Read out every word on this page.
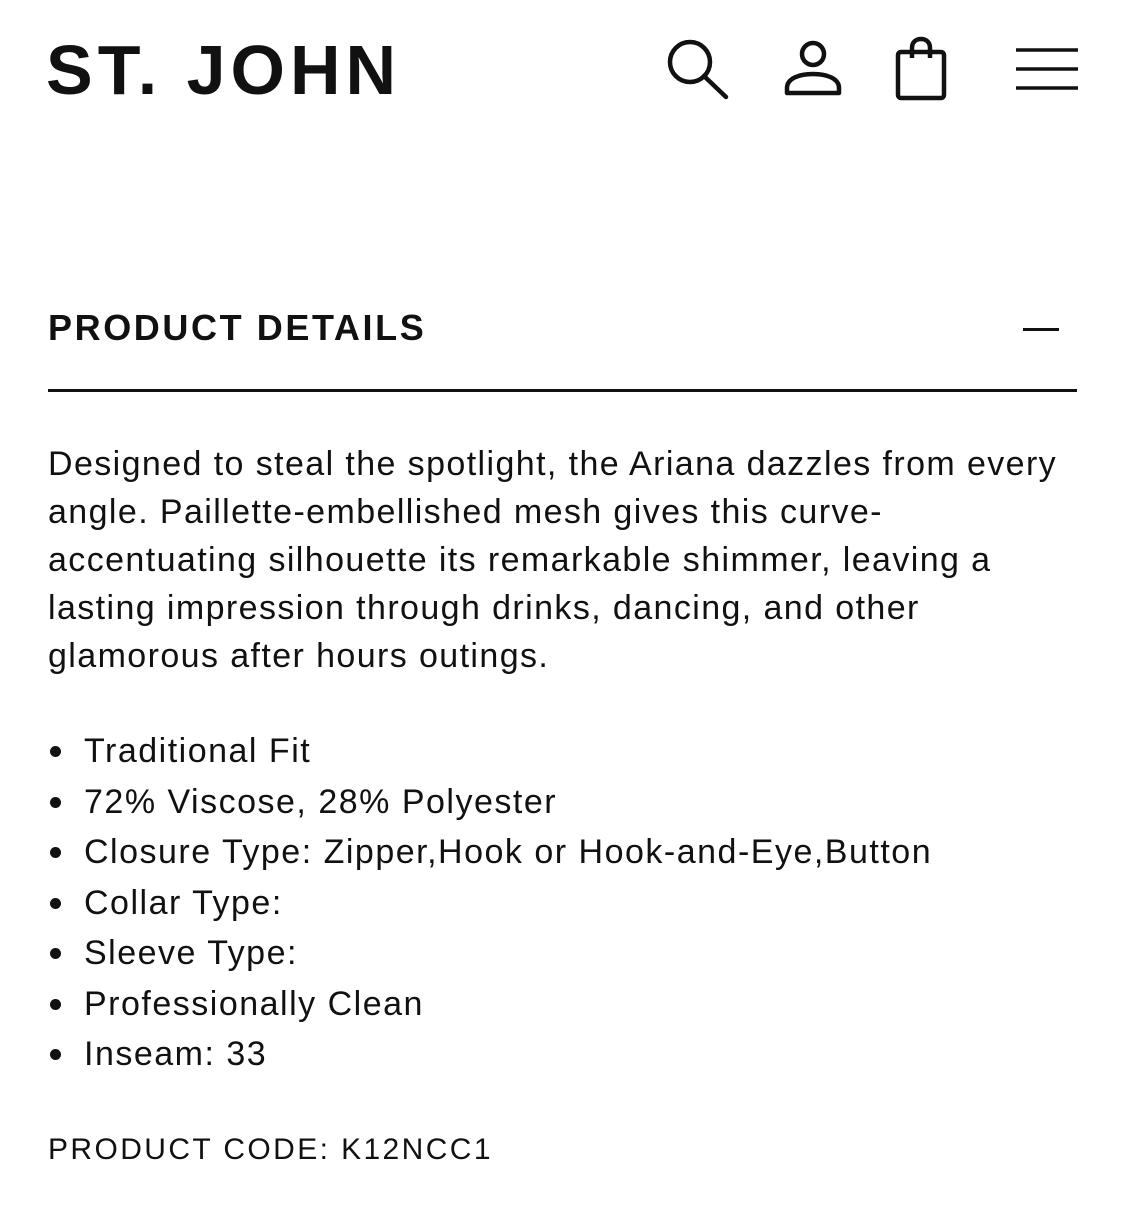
ST. JOHN
PRODUCT DETAILS

Designed to steal the spotlight, the Ariana dazzles from every angle. Paillette-embellished mesh gives this curve-accentuating silhouette its remarkable shimmer, leaving a lasting impression through drinks, dancing, and other glamorous after hours outings.

Traditional Fit
72% Viscose, 28% Polyester
Closure Type: Zipper,Hook or Hook-and-Eye,Button
Collar Type:
Sleeve Type:
Professionally Clean
Inseam: 33
PRODUCT CODE: K12NCC1
